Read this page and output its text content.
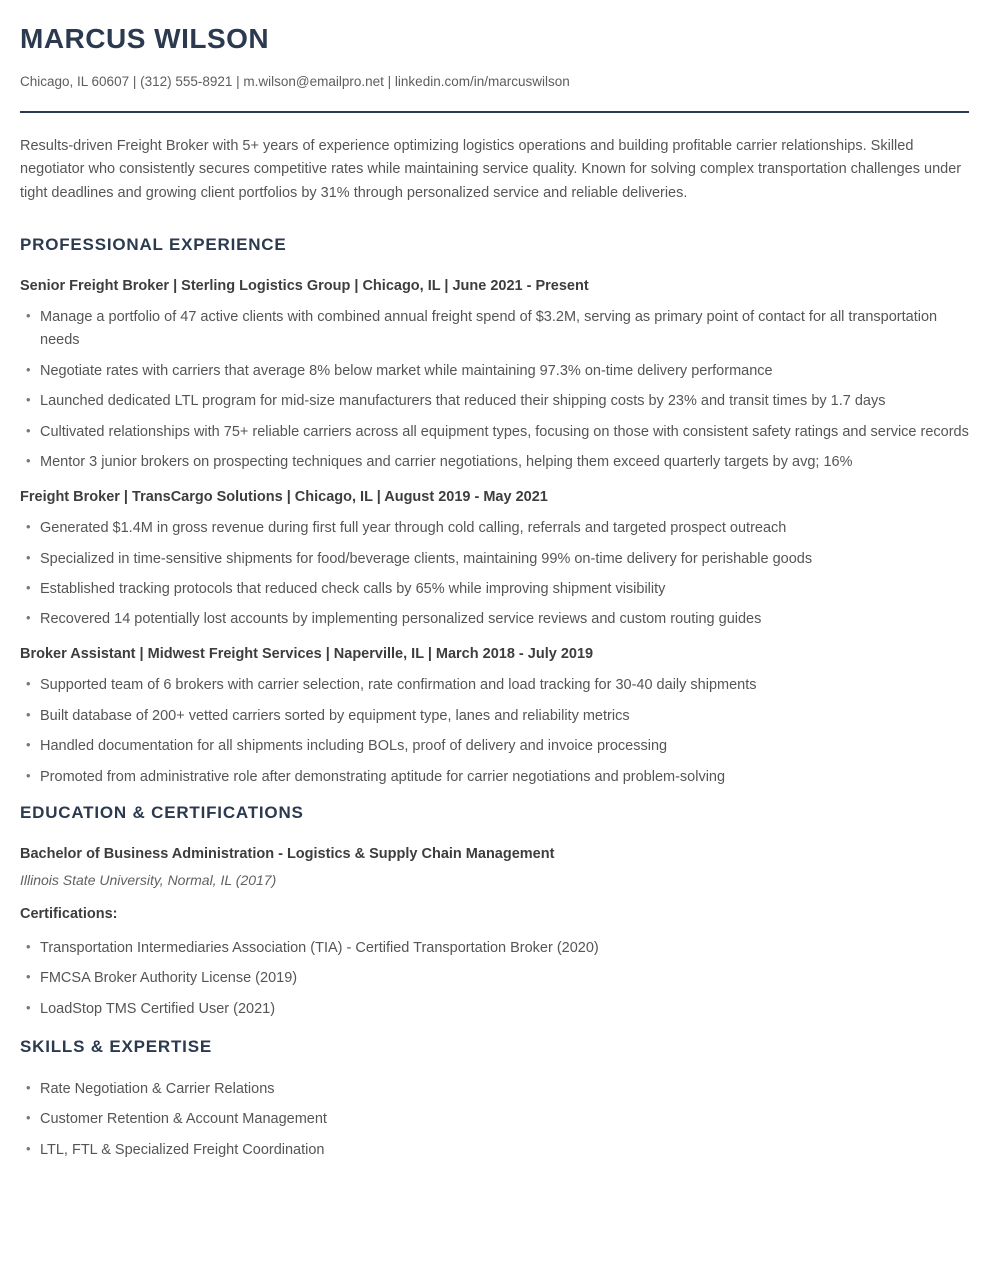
MARCUS WILSON
Chicago, IL 60607 | (312) 555-8921 | m.wilson@emailpro.net | linkedin.com/in/marcuswilson

Results-driven Freight Broker with 5+ years of experience optimizing logistics operations and building profitable carrier relationships. Skilled negotiator who consistently secures competitive rates while maintaining service quality. Known for solving complex transportation challenges under tight deadlines and growing client portfolios by 31% through personalized service and reliable deliveries.

PROFESSIONAL EXPERIENCE
Senior Freight Broker | Sterling Logistics Group | Chicago, IL | June 2021 - Present
• Manage a portfolio of 47 active clients with combined annual freight spend of $3.2M, serving as primary point of contact for all transportation needs
• Negotiate rates with carriers that average 8% below market while maintaining 97.3% on-time delivery performance
• Launched dedicated LTL program for mid-size manufacturers that reduced their shipping costs by 23% and transit times by 1.7 days
• Cultivated relationships with 75+ reliable carriers across all equipment types, focusing on those with consistent safety ratings and service records
• Mentor 3 junior brokers on prospecting techniques and carrier negotiations, helping them exceed quarterly targets by avg; 16%
Freight Broker | TransCargo Solutions | Chicago, IL | August 2019 - May 2021
• Generated $1.4M in gross revenue during first full year through cold calling, referrals and targeted prospect outreach
• Specialized in time-sensitive shipments for food/beverage clients, maintaining 99% on-time delivery for perishable goods
• Established tracking protocols that reduced check calls by 65% while improving shipment visibility
• Recovered 14 potentially lost accounts by implementing personalized service reviews and custom routing guides
Broker Assistant | Midwest Freight Services | Naperville, IL | March 2018 - July 2019
• Supported team of 6 brokers with carrier selection, rate confirmation and load tracking for 30-40 daily shipments
• Built database of 200+ vetted carriers sorted by equipment type, lanes and reliability metrics
• Handled documentation for all shipments including BOLs, proof of delivery and invoice processing
• Promoted from administrative role after demonstrating aptitude for carrier negotiations and problem-solving
EDUCATION & CERTIFICATIONS
Bachelor of Business Administration - Logistics & Supply Chain Management
Illinois State University, Normal, IL (2017)
Certifications:
• Transportation Intermediaries Association (TIA) - Certified Transportation Broker (2020)
• FMCSA Broker Authority License (2019)
• LoadStop TMS Certified User (2021)
SKILLS & EXPERTISE
• Rate Negotiation & Carrier Relations
• Customer Retention & Account Management
• LTL, FTL & Specialized Freight Coordination
